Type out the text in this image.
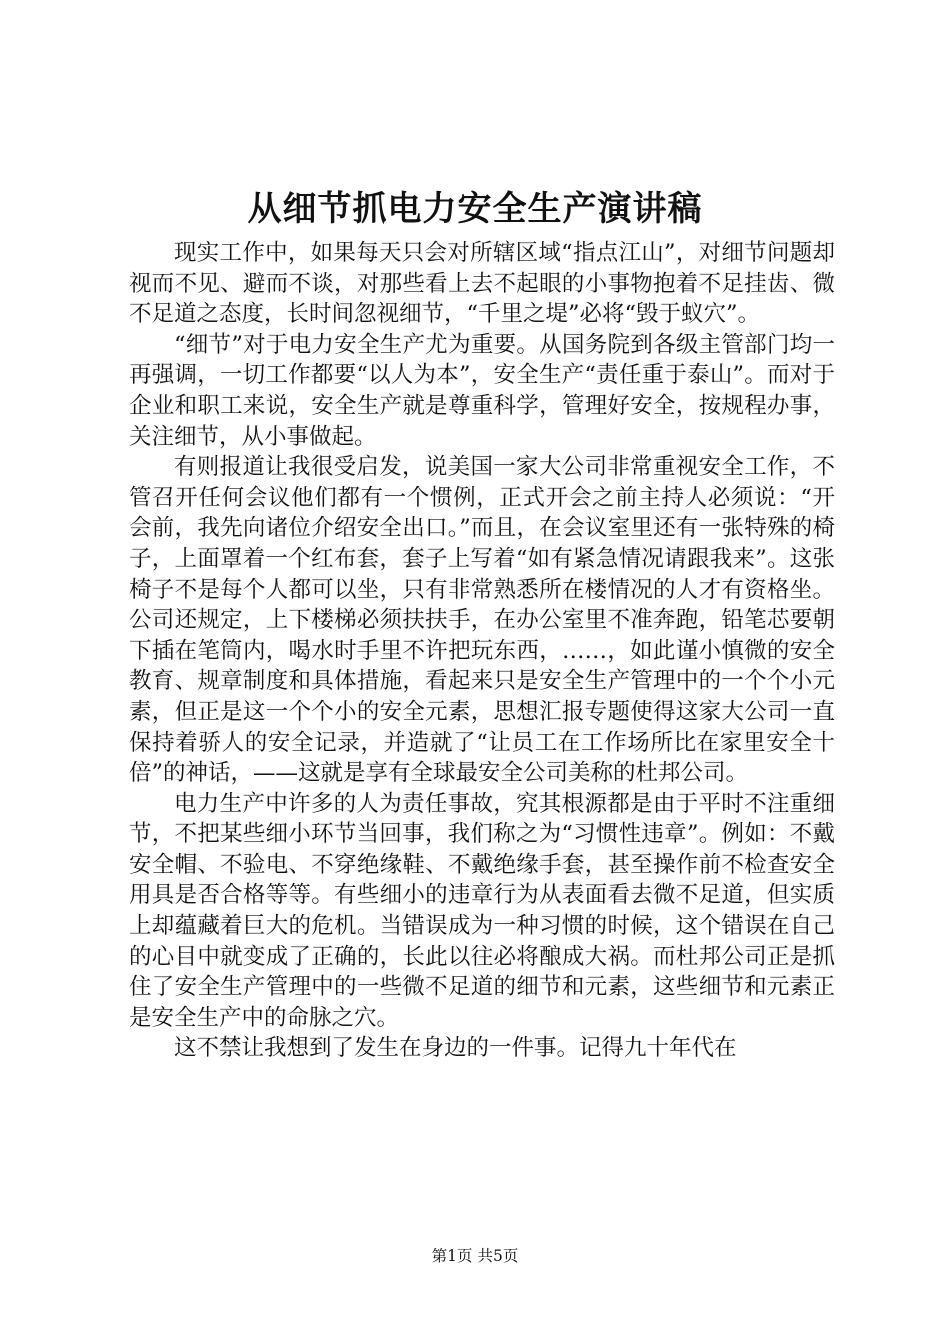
从细节抓电力安全生产演讲稿

现实工作中，如果每天只会对所辖区域“指点江山”，对细节问题却视而不见、避而不谈，对那些看上去不起眼的小事物抱着不足挂齿、微不足道之态度，长时间忽视细节，“千里之堤”必将“毁于蚁穴”。

“细节”对于电力安全生产尤为重要。从国务院到各级主管部门均一再强调，一切工作都要“以人为本”，安全生产“责任重于泰山”。而对于企业和职工来说，安全生产就是尊重科学，管理好安全，按规程办事，关注细节，从小事做起。

有则报道让我很受启发，说美国一家大公司非常重视安全工作，不管召开任何会议他们都有一个惯例，正式开会之前主持人必须说：“开会前，我先向诸位介绍安全出口。”而且，在会议室里还有一张特殊的椅子，上面罩着一个红布套，套子上写着“如有紧急情况请跟我来”。这张椅子不是每个人都可以坐，只有非常熟悉所在楼情况的人才有资格坐。公司还规定，上下楼梯必须扶扶手，在办公室里不准奔跑，铅笔芯要朝下插在笔筒内，喝水时手里不许把玩东西，……，如此谨小慎微的安全教育、规章制度和具体措施，看起来只是安全生产管理中的一个个小元素，但正是这一个个小的安全元素，思想汇报专题使得这家大公司一直保持着骄人的安全记录，并造就了“让员工在工作场所比在家里安全十倍”的神话，——这就是享有全球最安全公司美称的杜邦公司。

电力生产中许多的人为责任事故，究其根源都是由于平时不注重细节，不把某些细小环节当回事，我们称之为“习惯性违章”。例如：不戴安全帽、不验电、不穿绝缘鞋、不戴绝缘手套，甚至操作前不检查安全用具是否合格等等。有些细小的违章行为从表面看去微不足道，但实质上却蕴藏着巨大的危机。当错误成为一种习惯的时候，这个错误在自己的心目中就变成了正确的，长此以往必将酿成大祸。而杜邦公司正是抓住了安全生产管理中的一些微不足道的细节和元素，这些细节和元素正是安全生产中的命脉之穴。

这不禁让我想到了发生在身边的一件事。记得九十年代在

第1页 共5页
